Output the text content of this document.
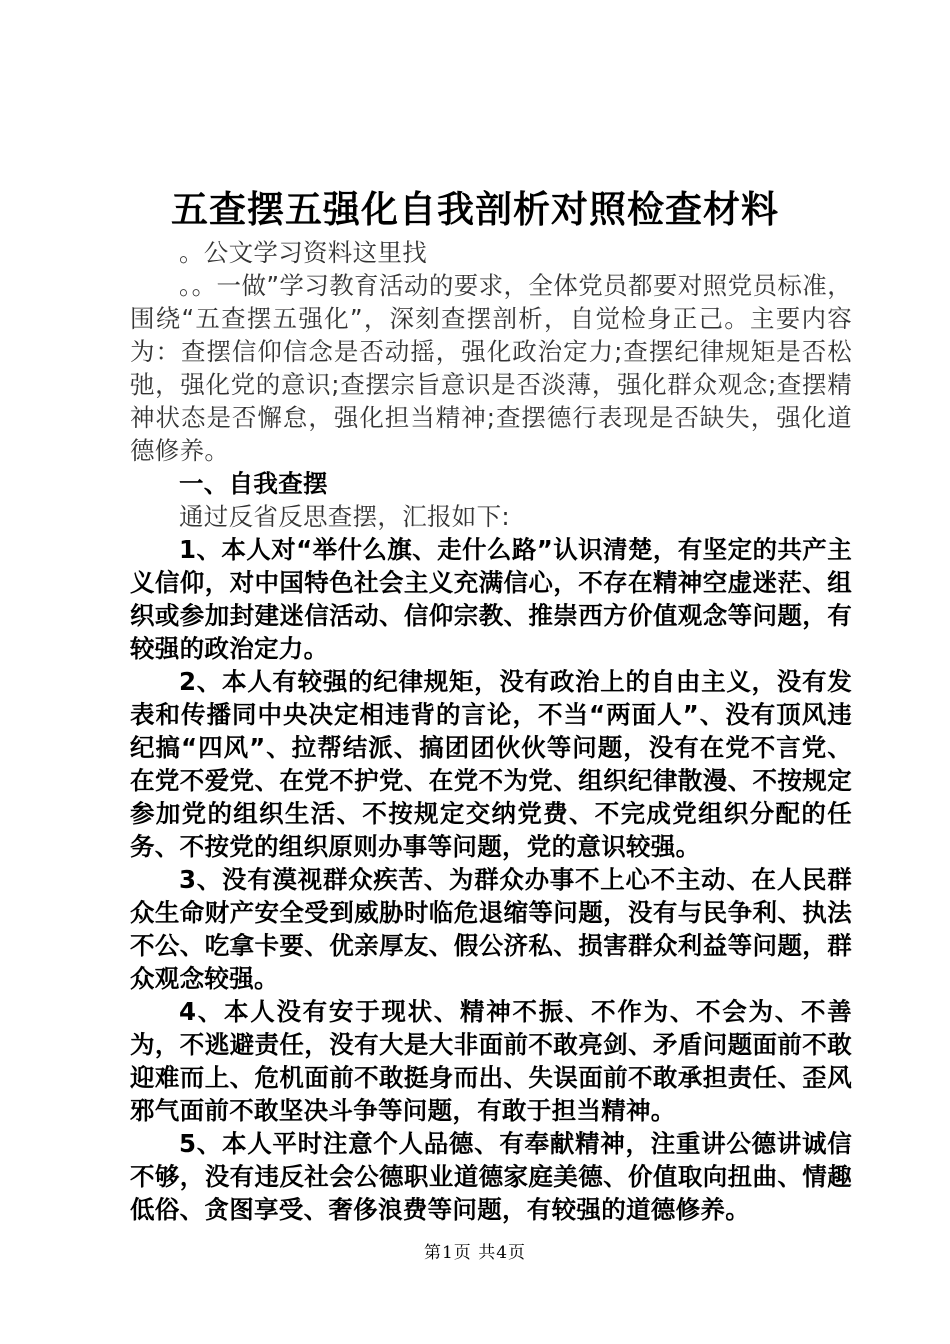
五查摆五强化自我剖析对照检查材料

。公文学习资料这里找

。。一做”学习教育活动的要求，全体党员都要对照党员标准，围绕“五查摆五强化”，深刻查摆剖析，自觉检身正己。主要内容为：查摆信仰信念是否动摇，强化政治定力;查摆纪律规矩是否松弛，强化党的意识;查摆宗旨意识是否淡薄，强化群众观念;查摆精神状态是否懈怠，强化担当精神;查摆德行表现是否缺失，强化道德修养。

一、自我查摆

通过反省反思查摆，汇报如下:

1、本人对“举什么旗、走什么路”认识清楚，有坚定的共产主义信仰，对中国特色社会主义充满信心，不存在精神空虚迷茫、组织或参加封建迷信活动、信仰宗教、推崇西方价值观念等问题，有较强的政治定力。

2、本人有较强的纪律规矩，没有政治上的自由主义，没有发表和传播同中央决定相违背的言论，不当“两面人”、没有顶风违纪搞“四风”、拉帮结派、搞团团伙伙等问题，没有在党不言党、在党不爱党、在党不护党、在党不为党、组织纪律散漫、不按规定参加党的组织生活、不按规定交纳党费、不完成党组织分配的任务、不按党的组织原则办事等问题，党的意识较强。

3、没有漠视群众疾苦、为群众办事不上心不主动、在人民群众生命财产安全受到威胁时临危退缩等问题，没有与民争利、执法不公、吃拿卡要、优亲厚友、假公济私、损害群众利益等问题，群众观念较强。

4、本人没有安于现状、精神不振、不作为、不会为、不善为，不逃避责任，没有大是大非面前不敢亮剑、矛盾问题面前不敢迎难而上、危机面前不敢挺身而出、失误面前不敢承担责任、歪风邪气面前不敢坚决斗争等问题，有敢于担当精神。

5、本人平时注意个人品德、有奉献精神，注重讲公德讲诚信不够，没有违反社会公德职业道德家庭美德、价值取向扭曲、情趣低俗、贪图享受、奢侈浪费等问题，有较强的道德修养。

第1页 共4页
